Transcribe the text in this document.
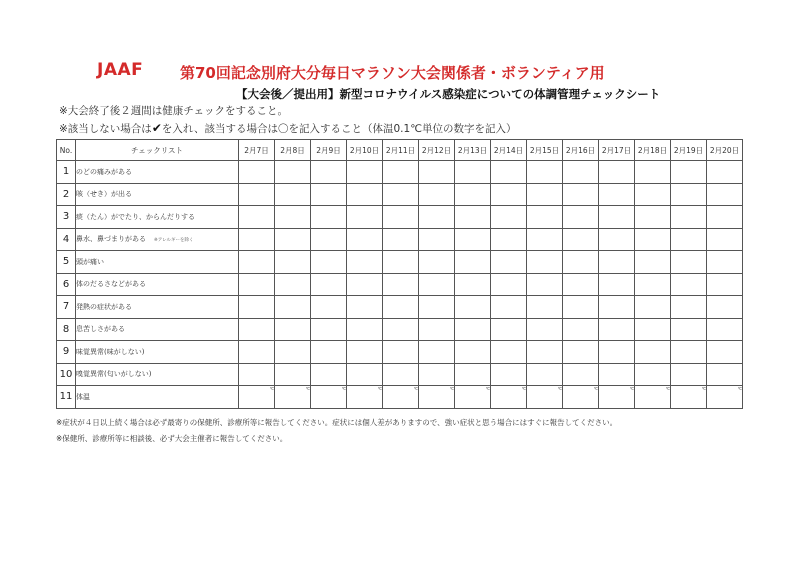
JAAF 第70回記念別府大分毎日マラソン大会関係者・ボランティア用
【大会後／提出用】新型コロナウイルス感染症についての体調管理チェックシート
※大会終了後２週間は健康チェックをすること。
※該当しない場合は✔を入れ、該当する場合は〇を記入すること（体温0.1℃単位の数字を記入）
No.	チェックリスト	2月7日	2月8日	2月9日	2月10日	2月11日	2月12日	2月13日	2月14日	2月15日	2月16日	2月17日	2月18日	2月19日	2月20日
1	のどの痛みがある														
2	咳（せき）が出る														
3	痰（たん）がでたり、からんだりする														
4	鼻水、鼻づまりがある ※アレルギーを除く														
5	頭が痛い														
6	体のだるさなどがある														
7	発熱の症状がある														
8	息苦しさがある														
9	味覚異常(味がしない)														
10	嗅覚異常(匂いがしない)														
11	体温	℃	℃	℃	℃	℃	℃	℃	℃	℃	℃	℃	℃	℃	℃
※症状が４日以上続く場合は必ず最寄りの保健所、診療所等に報告してください。症状には個人差がありますので、強い症状と思う場合にはすぐに報告してください。
※保健所、診療所等に相談後、必ず大会主催者に報告してください。
